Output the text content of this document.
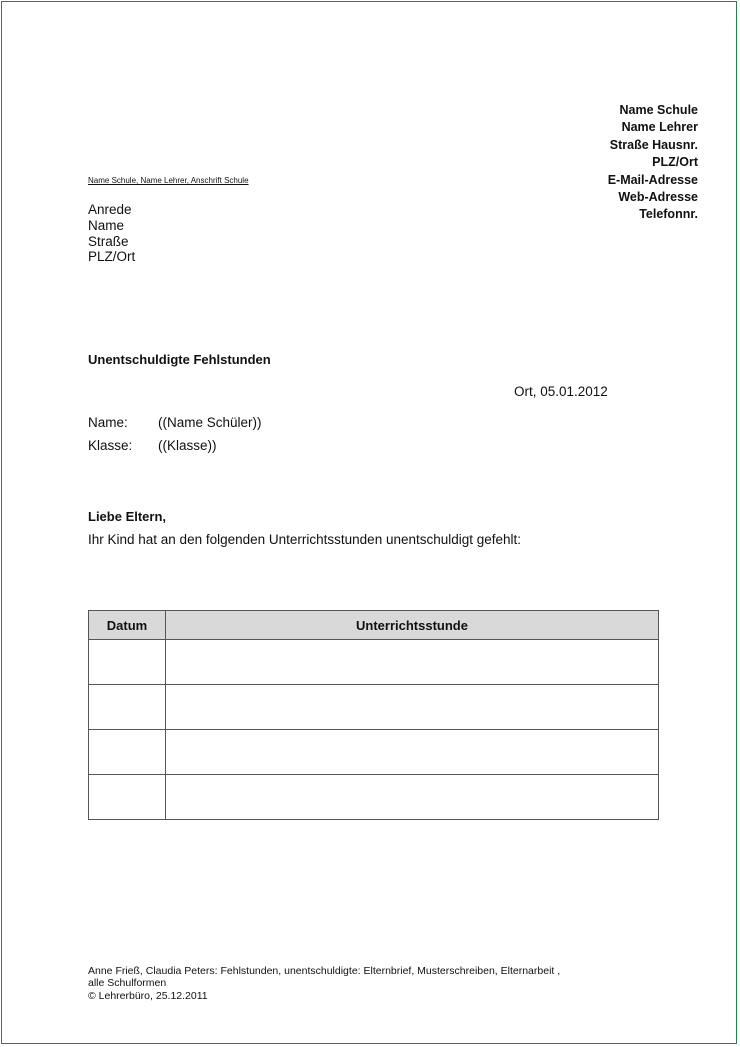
Name Schule
Name Lehrer
Straße Hausnr.
PLZ/Ort
E-Mail-Adresse
Web-Adresse
Telefonnr.
Name Schule, Name Lehrer, Anschrift Schule
Anrede
Name
Straße
PLZ/Ort
Unentschuldigte Fehlstunden
Ort, 05.01.2012
Name: ((Name Schüler))
Klasse: ((Klasse))
Liebe Eltern,
Ihr Kind hat an den folgenden Unterrichtsstunden unentschuldigt gefehlt:
Datum	Unterrichtsstunde

Anne Frieß, Claudia Peters: Fehlstunden, unentschuldigte: Elternbrief, Musterschreiben, Elternarbeit ,
alle Schulformen
© Lehrerbüro, 25.12.2011
